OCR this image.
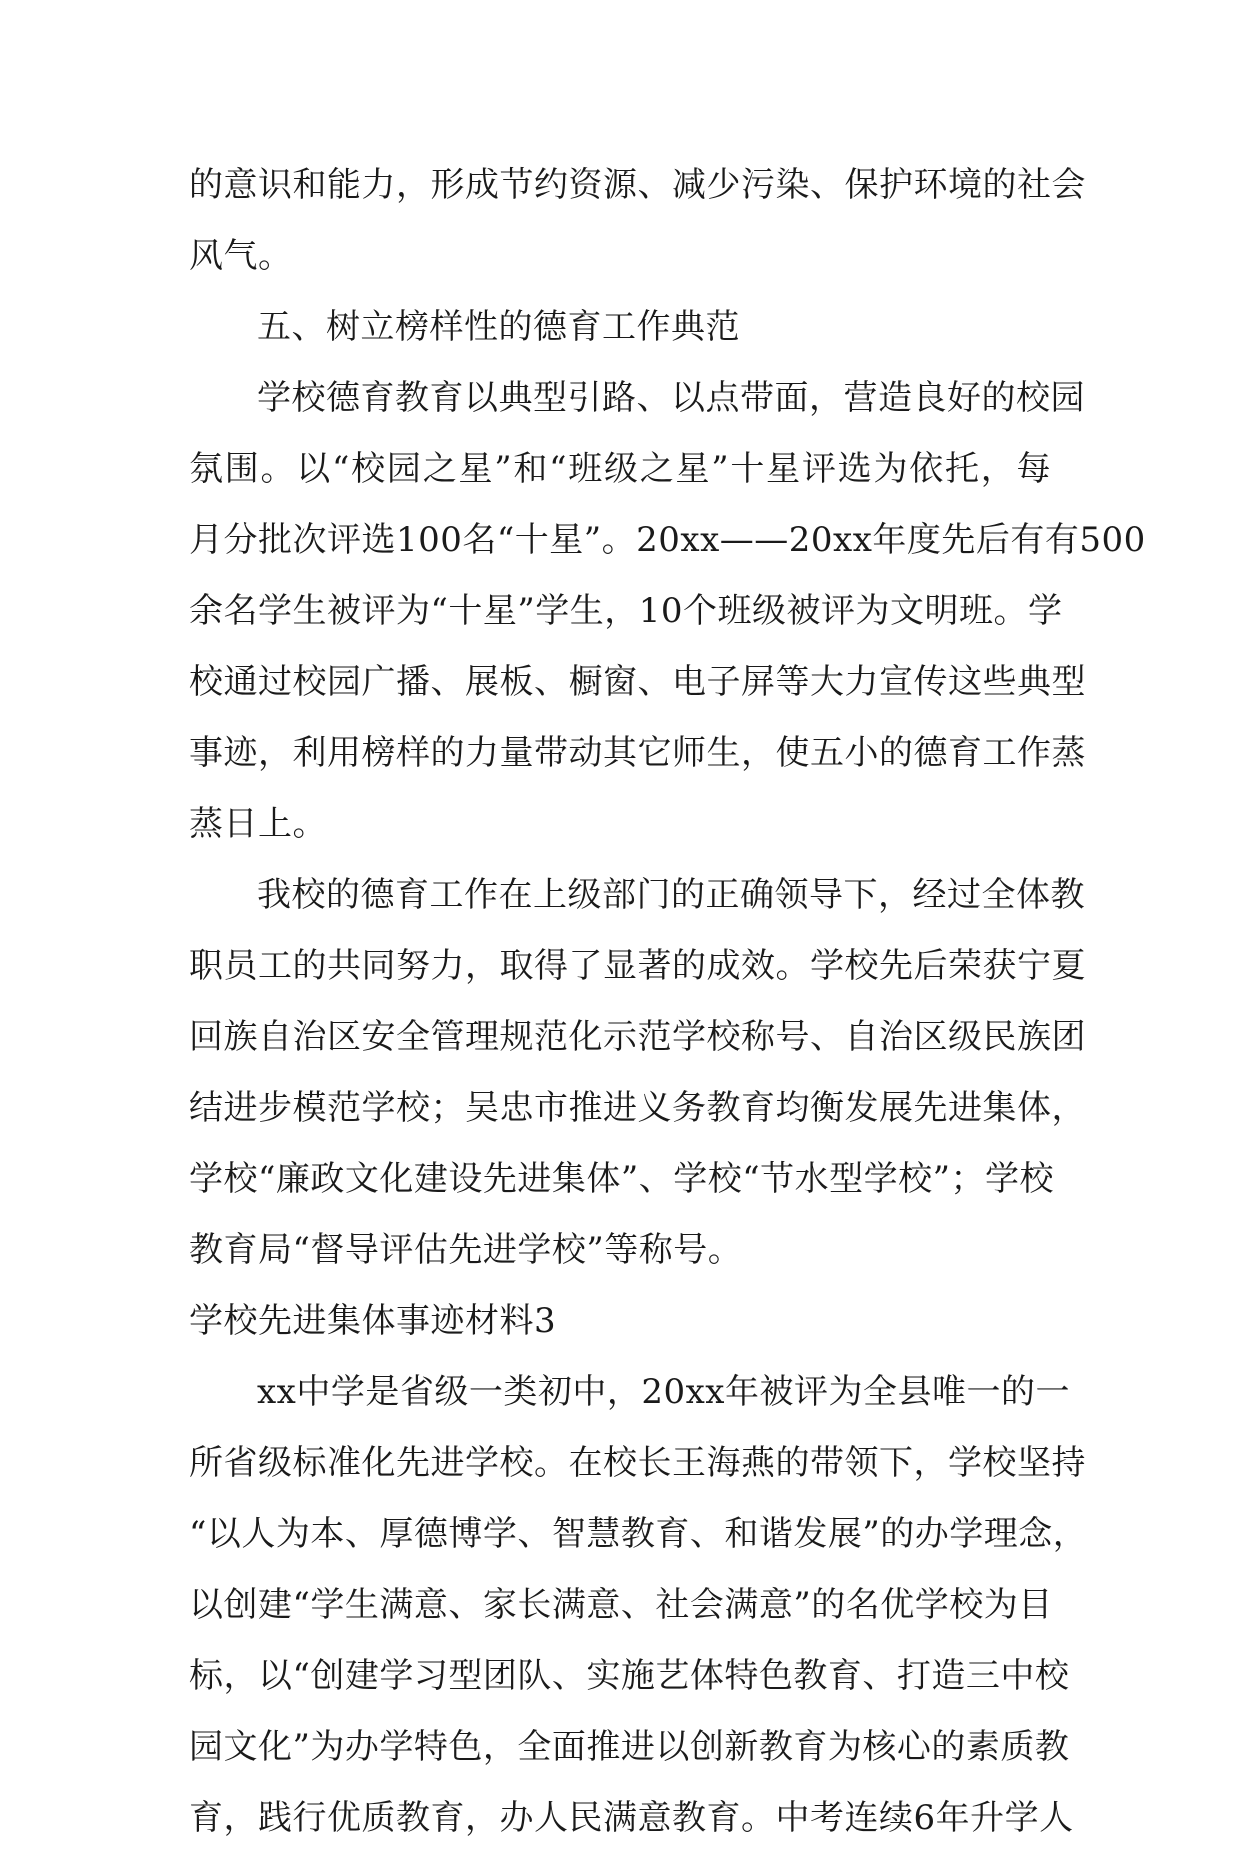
的意识和能力，形成节约资源、减少污染、保护环境的社会
风气。
五、树立榜样性的德育工作典范
学校德育教育以典型引路、以点带面，营造良好的校园
氛围。以“校园之星”和“班级之星”十星评选为依托，每
月分批次评选100名“十星”。20xx——20xx年度先后有有500
余名学生被评为“十星”学生，10个班级被评为文明班。学
校通过校园广播、展板、橱窗、电子屏等大力宣传这些典型
事迹，利用榜样的力量带动其它师生，使五小的德育工作蒸
蒸日上。
我校的德育工作在上级部门的正确领导下，经过全体教
职员工的共同努力，取得了显著的成效。学校先后荣获宁夏
回族自治区安全管理规范化示范学校称号、自治区级民族团
结进步模范学校；吴忠市推进义务教育均衡发展先进集体，
学校“廉政文化建设先进集体”、学校“节水型学校”；学校
教育局“督导评估先进学校”等称号。
学校先进集体事迹材料3
xx中学是省级一类初中，20xx年被评为全县唯一的一
所省级标准化先进学校。在校长王海燕的带领下，学校坚持
“以人为本、厚德博学、智慧教育、和谐发展”的办学理念，
以创建“学生满意、家长满意、社会满意”的名优学校为目
标，以“创建学习型团队、实施艺体特色教育、打造三中校
园文化”为办学特色，全面推进以创新教育为核心的素质教
育，践行优质教育，办人民满意教育。中考连续6年升学人
